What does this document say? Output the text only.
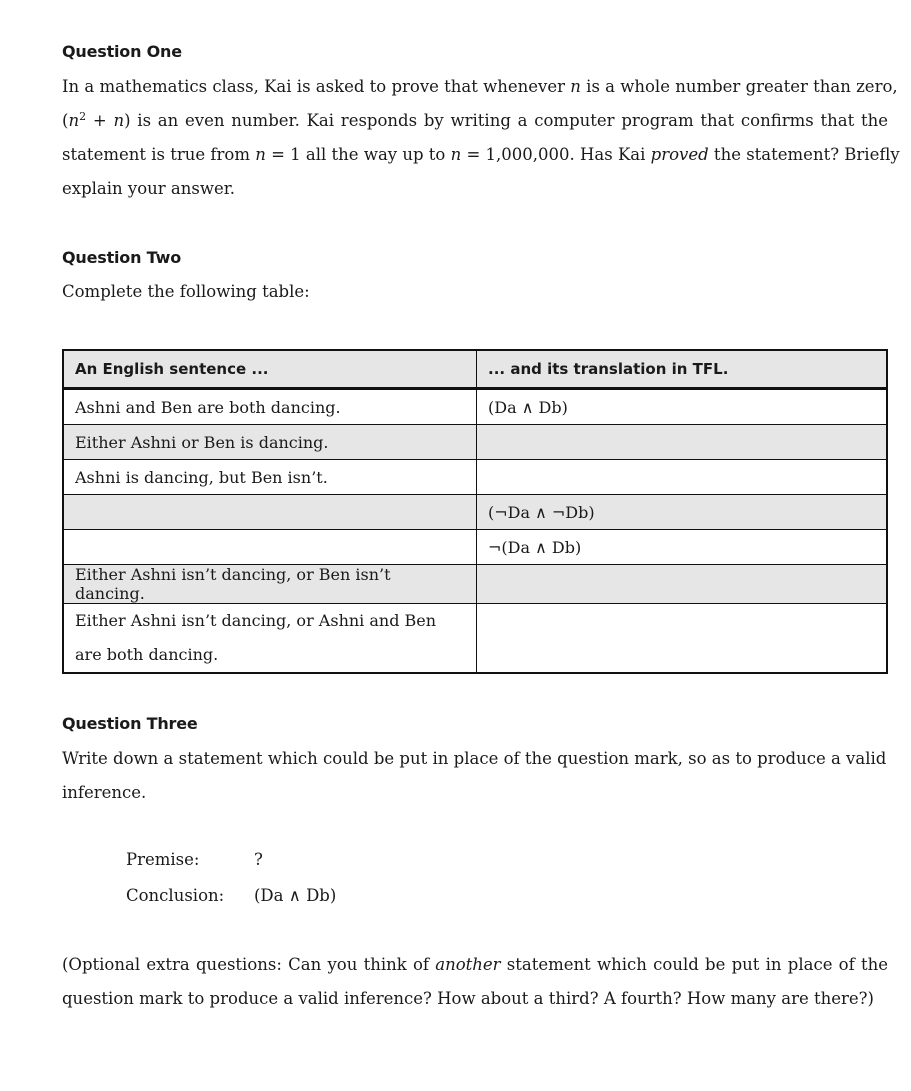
Question One
In a mathematics class, Kai is asked to prove that whenever n is a whole number greater than zero,
$(n^2 + n)$ is an even number. Kai responds by writing a computer program that confirms that the
statement is true from n = 1 all the way up to n = 1,000,000. Has Kai proved the statement? Briefly
explain your answer.
Question Two
Complete the following table:
An English sentence ...	... and its translation in TFL.
Ashni and Ben are both dancing.	(Da ∧ Db)
Either Ashni or Ben is dancing.	
Ashni is dancing, but Ben isn’t.	
	(¬Da ∧ ¬Db)
	¬(Da ∧ Db)
Either Ashni isn’t dancing, or Ben isn’t dancing.	
Either Ashni isn’t dancing, or Ashni and Ben
are both dancing.	
Question Three
Write down a statement which could be put in place of the question mark, so as to produce a valid
inference.
Premise:	?
Conclusion: (Da ∧ Db)
(Optional extra questions: Can you think of another statement which could be put in place of the
question mark to produce a valid inference? How about a third? A fourth? How many are there?)
